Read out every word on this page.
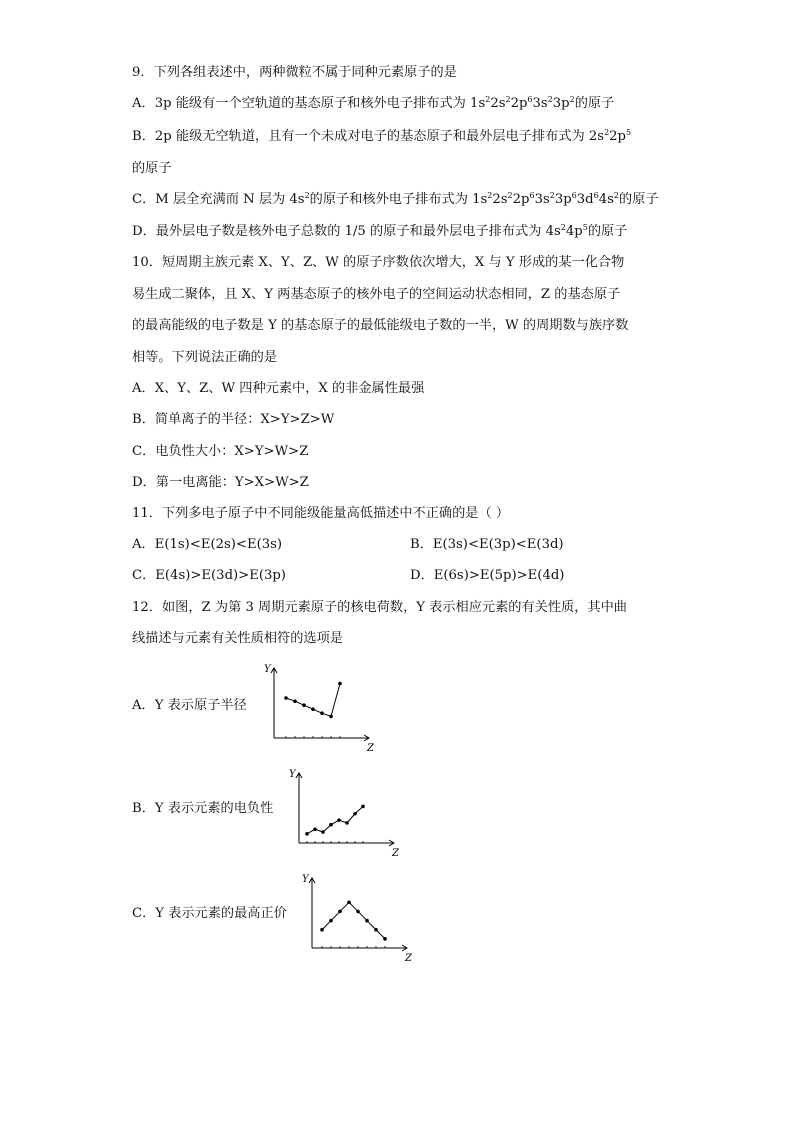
9．下列各组表述中，两种微粒不属于同种元素原子的是
A．3p 能级有一个空轨道的基态原子和核外电子排布式为 $1s^22s^22p^63s^23p^2$的原子
B．2p 能级无空轨道，且有一个未成对电子的基态原子和最外层电子排布式为 $2s^22p^5$
的原子
C．M 层全充满而 N 层为 $4s^2$的原子和核外电子排布式为 $1s^22s^22p^63s^23p^63d^64s^2$的原子
D．最外层电子数是核外电子总数的 1/5 的原子和最外层电子排布式为 $4s^24p^5$的原子
10．短周期主族元素 X、Y、Z、W 的原子序数依次增大，X 与 Y 形成的某一化合物
易生成二聚体，且 X、Y 两基态原子的核外电子的空间运动状态相同，Z 的基态原子
的最高能级的电子数是 Y 的基态原子的最低能级电子数的一半，W 的周期数与族序数
相等。下列说法正确的是
A．X、Y、Z、W 四种元素中，X 的非金属性最强
B．简单离子的半径：X>Y>Z>W
C．电负性大小：X>Y>W>Z
D．第一电离能：Y>X>W>Z
11．下列多电子原子中不同能级能量高低描述中不正确的是（ ）
A．E(1s)<E(2s)<E(3s)	B．E(3s)<E(3p)<E(3d)
C．E(4s)>E(3d)>E(3p)	D．E(6s)>E(5p)>E(4d)
12．如图，Z 为第 3 周期元素原子的核电荷数，Y 表示相应元素的有关性质，其中曲
线描述与元素有关性质相符的选项是
A．Y 表示原子半径
B．Y 表示元素的电负性
C．Y 表示元素的最高正价
Y
Z
Y
Z
Y
Z
